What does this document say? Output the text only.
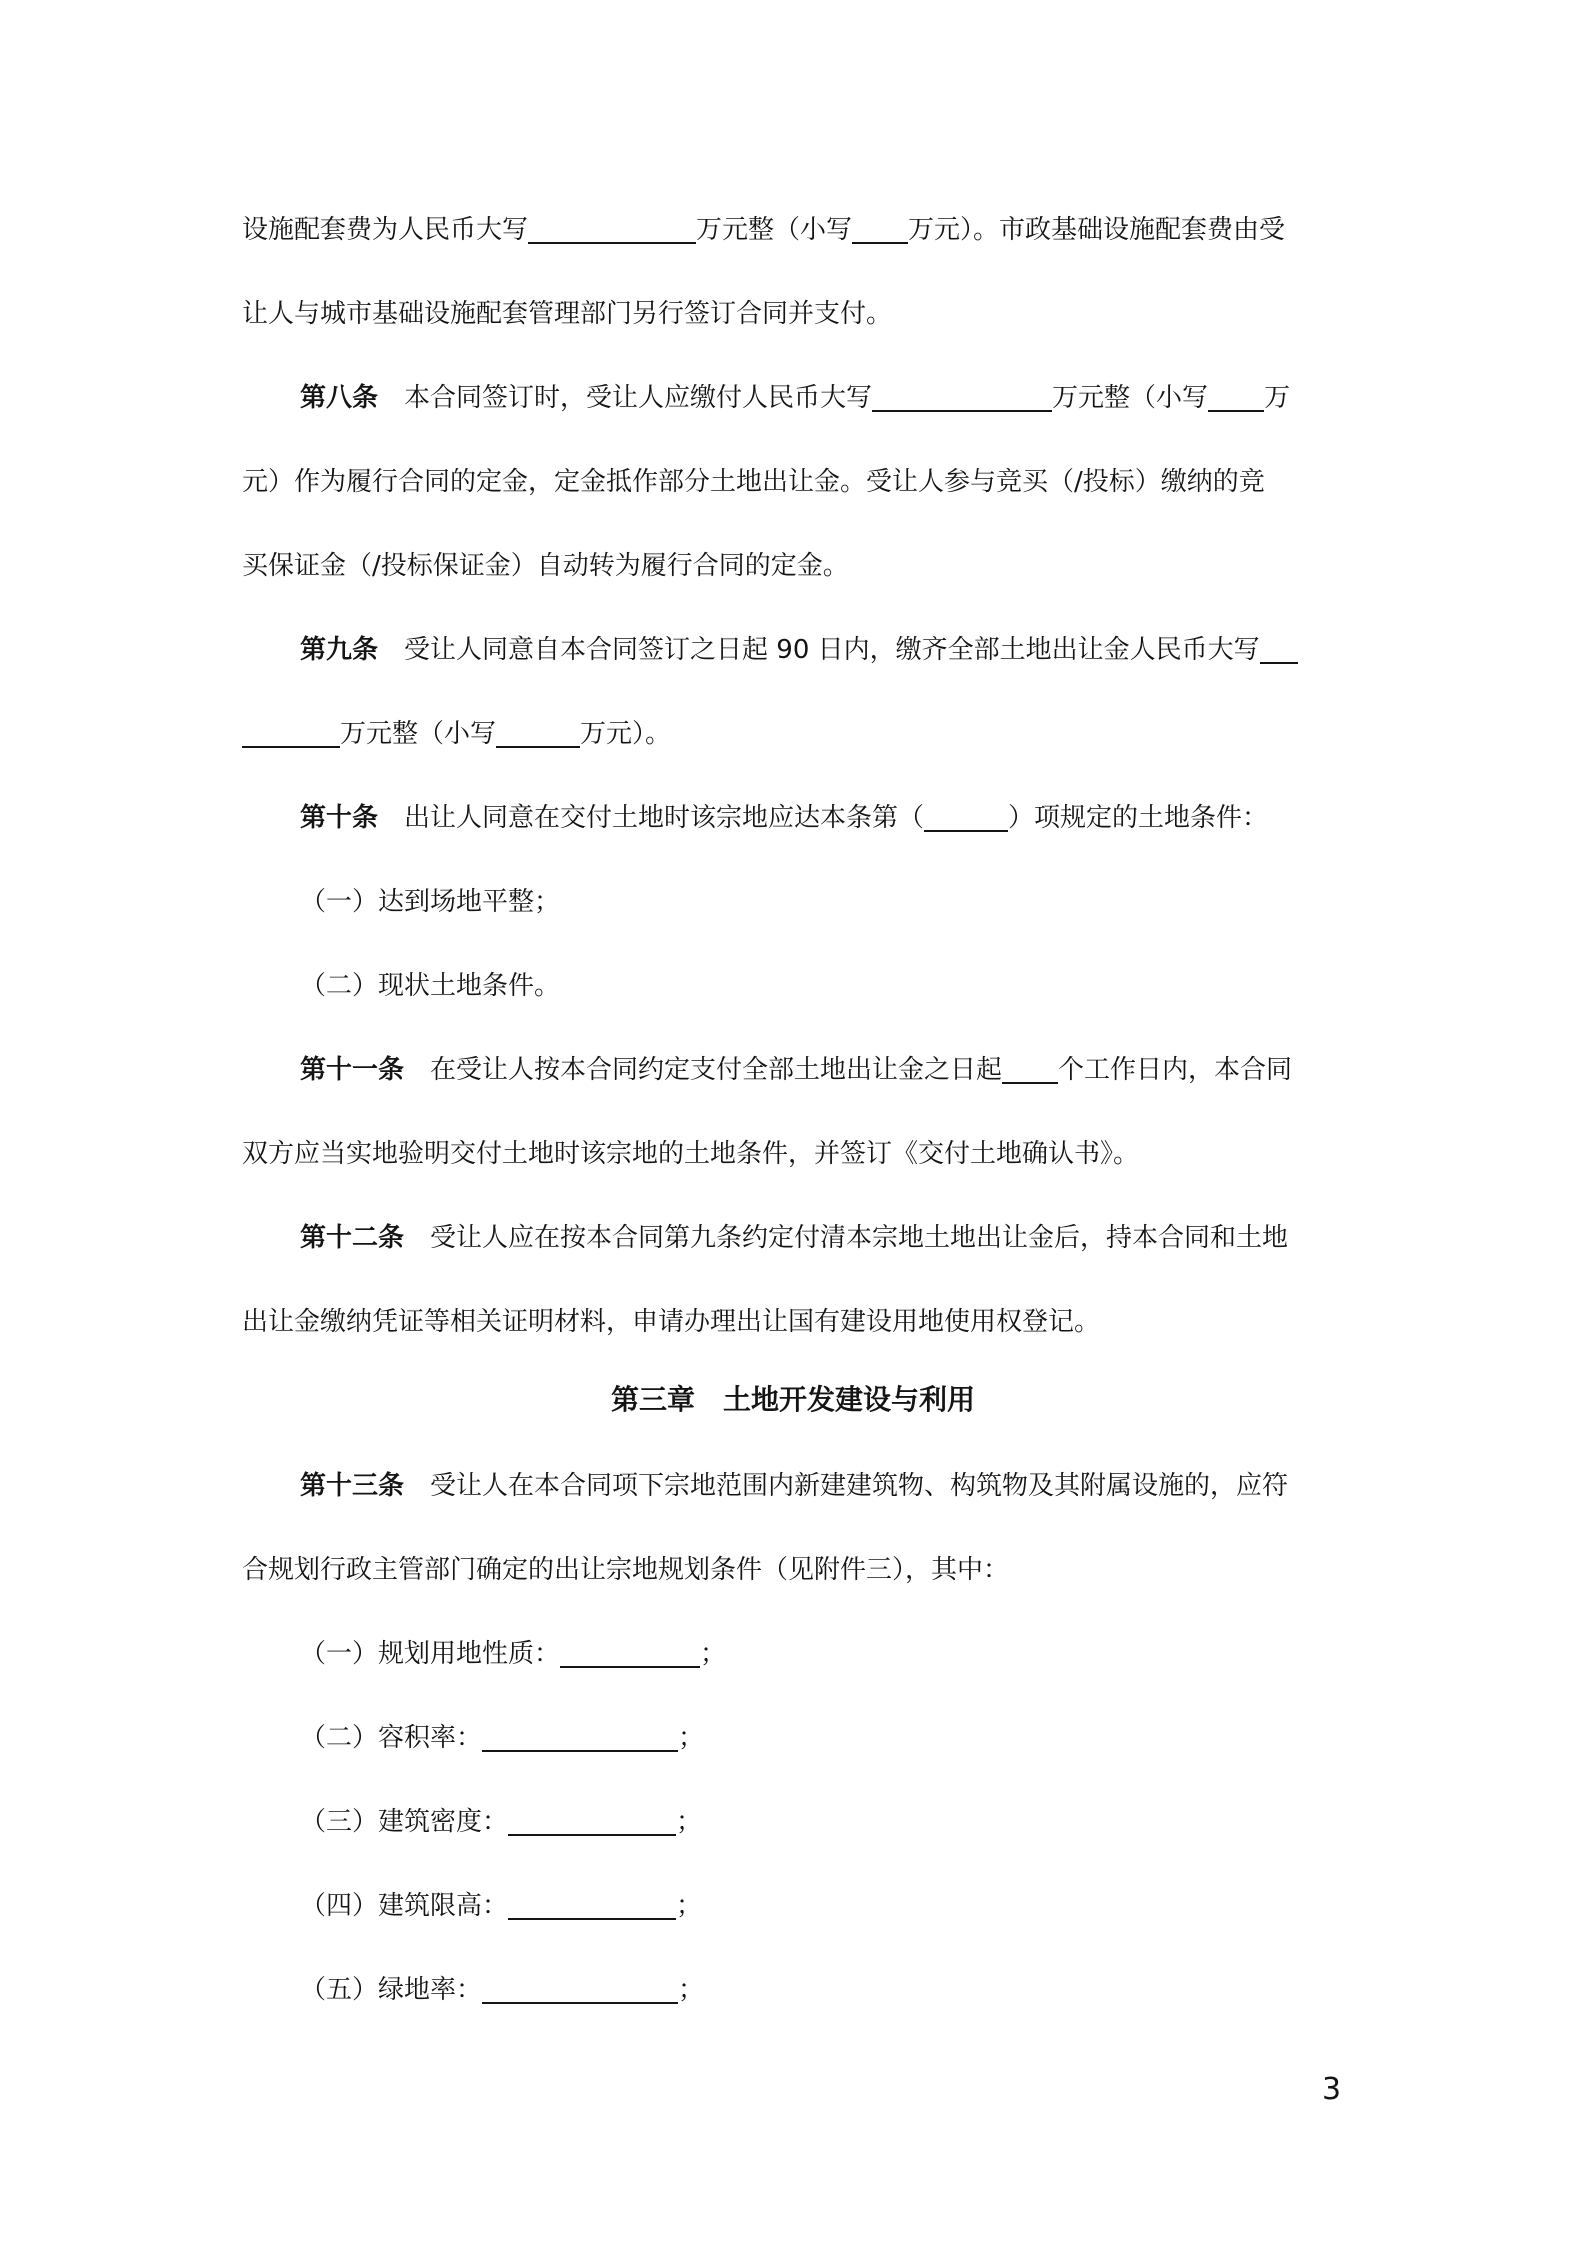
设施配套费为人民币大写	万元整（小写 万元）。市政基础设施配套费由受
让人与城市基础设施配套管理部门另行签订合同并支付。
第八条　 本合同签订时，受让人应缴付人民币大写	万元整（小写 万
元）作为履行合同的定金，定金抵作部分土地出让金。受让人参与竞买（/投标）缴纳的竞
买保证金（/投标保证金）自动转为履行合同的定金。
第九条　 受让人同意自本合同签订之日起 90 日内，缴齐全部土地出让金人民币大写
万元整（小写	万元）。
第十条　 出让人同意在交付土地时该宗地应达本条第（	）项规定的土地条件：
（一）达到场地平整；
（二）现状土地条件。
第十一条　 在受让人按本合同约定支付全部土地出让金之日起 个工作日内，本合同
双方应当实地验明交付土地时该宗地的土地条件，并签订《交付土地确认书》。
第十二条　 受让人应在按本合同第九条约定付清本宗地土地出让金后，持本合同和土地
出让金缴纳凭证等相关证明材料，申请办理出让国有建设用地使用权登记。
第三章　土地开发建设与利用
第十三条　 受让人在本合同项下宗地范围内新建建筑物、构筑物及其附属设施的，应符
合规划行政主管部门确定的出让宗地规划条件（见附件三），其中：
（一）规划用地性质：	；
（二）容积率：	；
（三）建筑密度：	；
（四）建筑限高：	；
（五）绿地率：	；
3
